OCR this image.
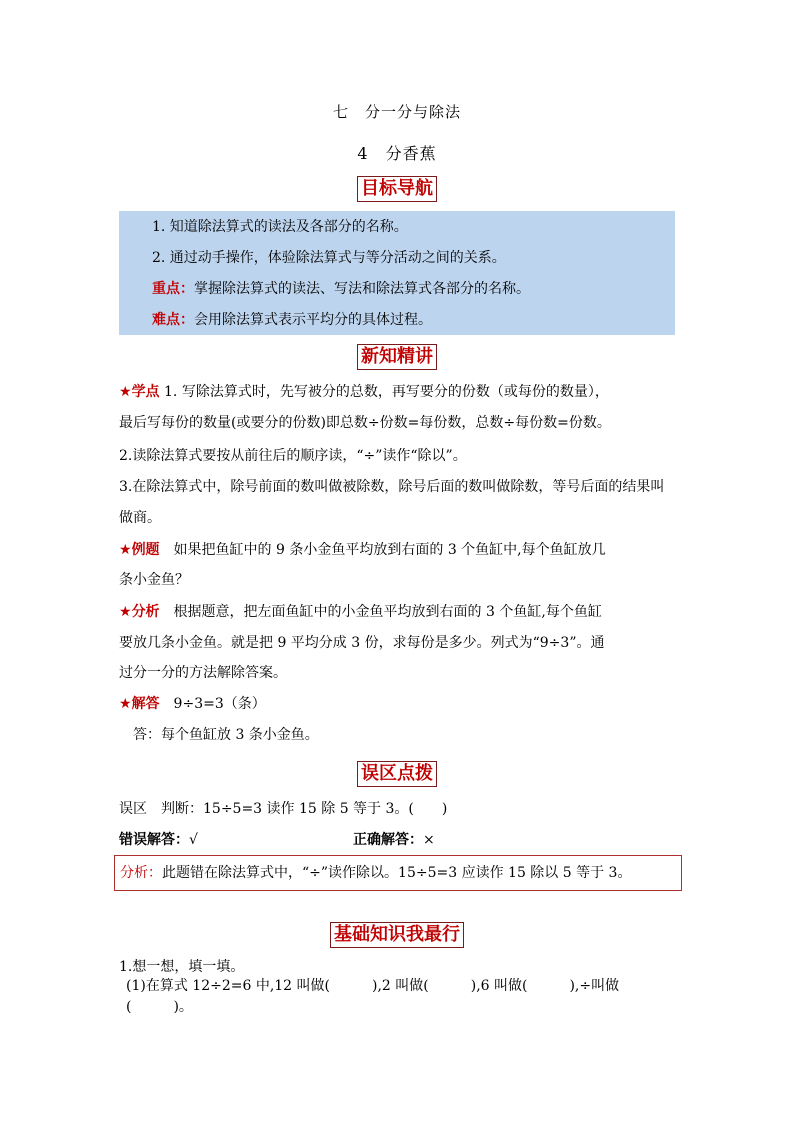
七　分一分与除法
4　分香蕉
目标导航
1. 知道除法算式的读法及各部分的名称。
2. 通过动手操作，体验除法算式与等分活动之间的关系。
重点：掌握除法算式的读法、写法和除法算式各部分的名称。
难点：会用除法算式表示平均分的具体过程。
新知精讲
★学点 1. 写除法算式时，先写被分的总数，再写要分的份数（或每份的数量），
最后写每份的数量(或要分的份数)即总数÷份数=每份数，总数÷每份数=份数。
2.读除法算式要按从前往后的顺序读，“÷”读作“除以”。
3.在除法算式中，除号前面的数叫做被除数，除号后面的数叫做除数，等号后面的结果叫
做商。
★例题　如果把鱼缸中的 9 条小金鱼平均放到右面的 3 个鱼缸中,每个鱼缸放几
条小金鱼？
★分析　根据题意，把左面鱼缸中的小金鱼平均放到右面的 3 个鱼缸,每个鱼缸
要放几条小金鱼。就是把 9 平均分成 3 份，求每份是多少。列式为“9÷3”。通
过分一分的方法解除答案。
★解答　9÷3=3（条）
答：每个鱼缸放 3 条小金鱼。
误区点拨
误区　判断：15÷5=3 读作 15 除 5 等于 3。(　　)
错误解答：√	正确解答：×
分析：此题错在除法算式中，“÷”读作除以。15÷5=3 应读作 15 除以 5 等于 3。
基础知识我最行
1.想一想，填一填。
(1)在算式 12÷2=6 中,12 叫做(　　　),2 叫做(　　　),6 叫做(　　　),÷叫做
(　　　)。
